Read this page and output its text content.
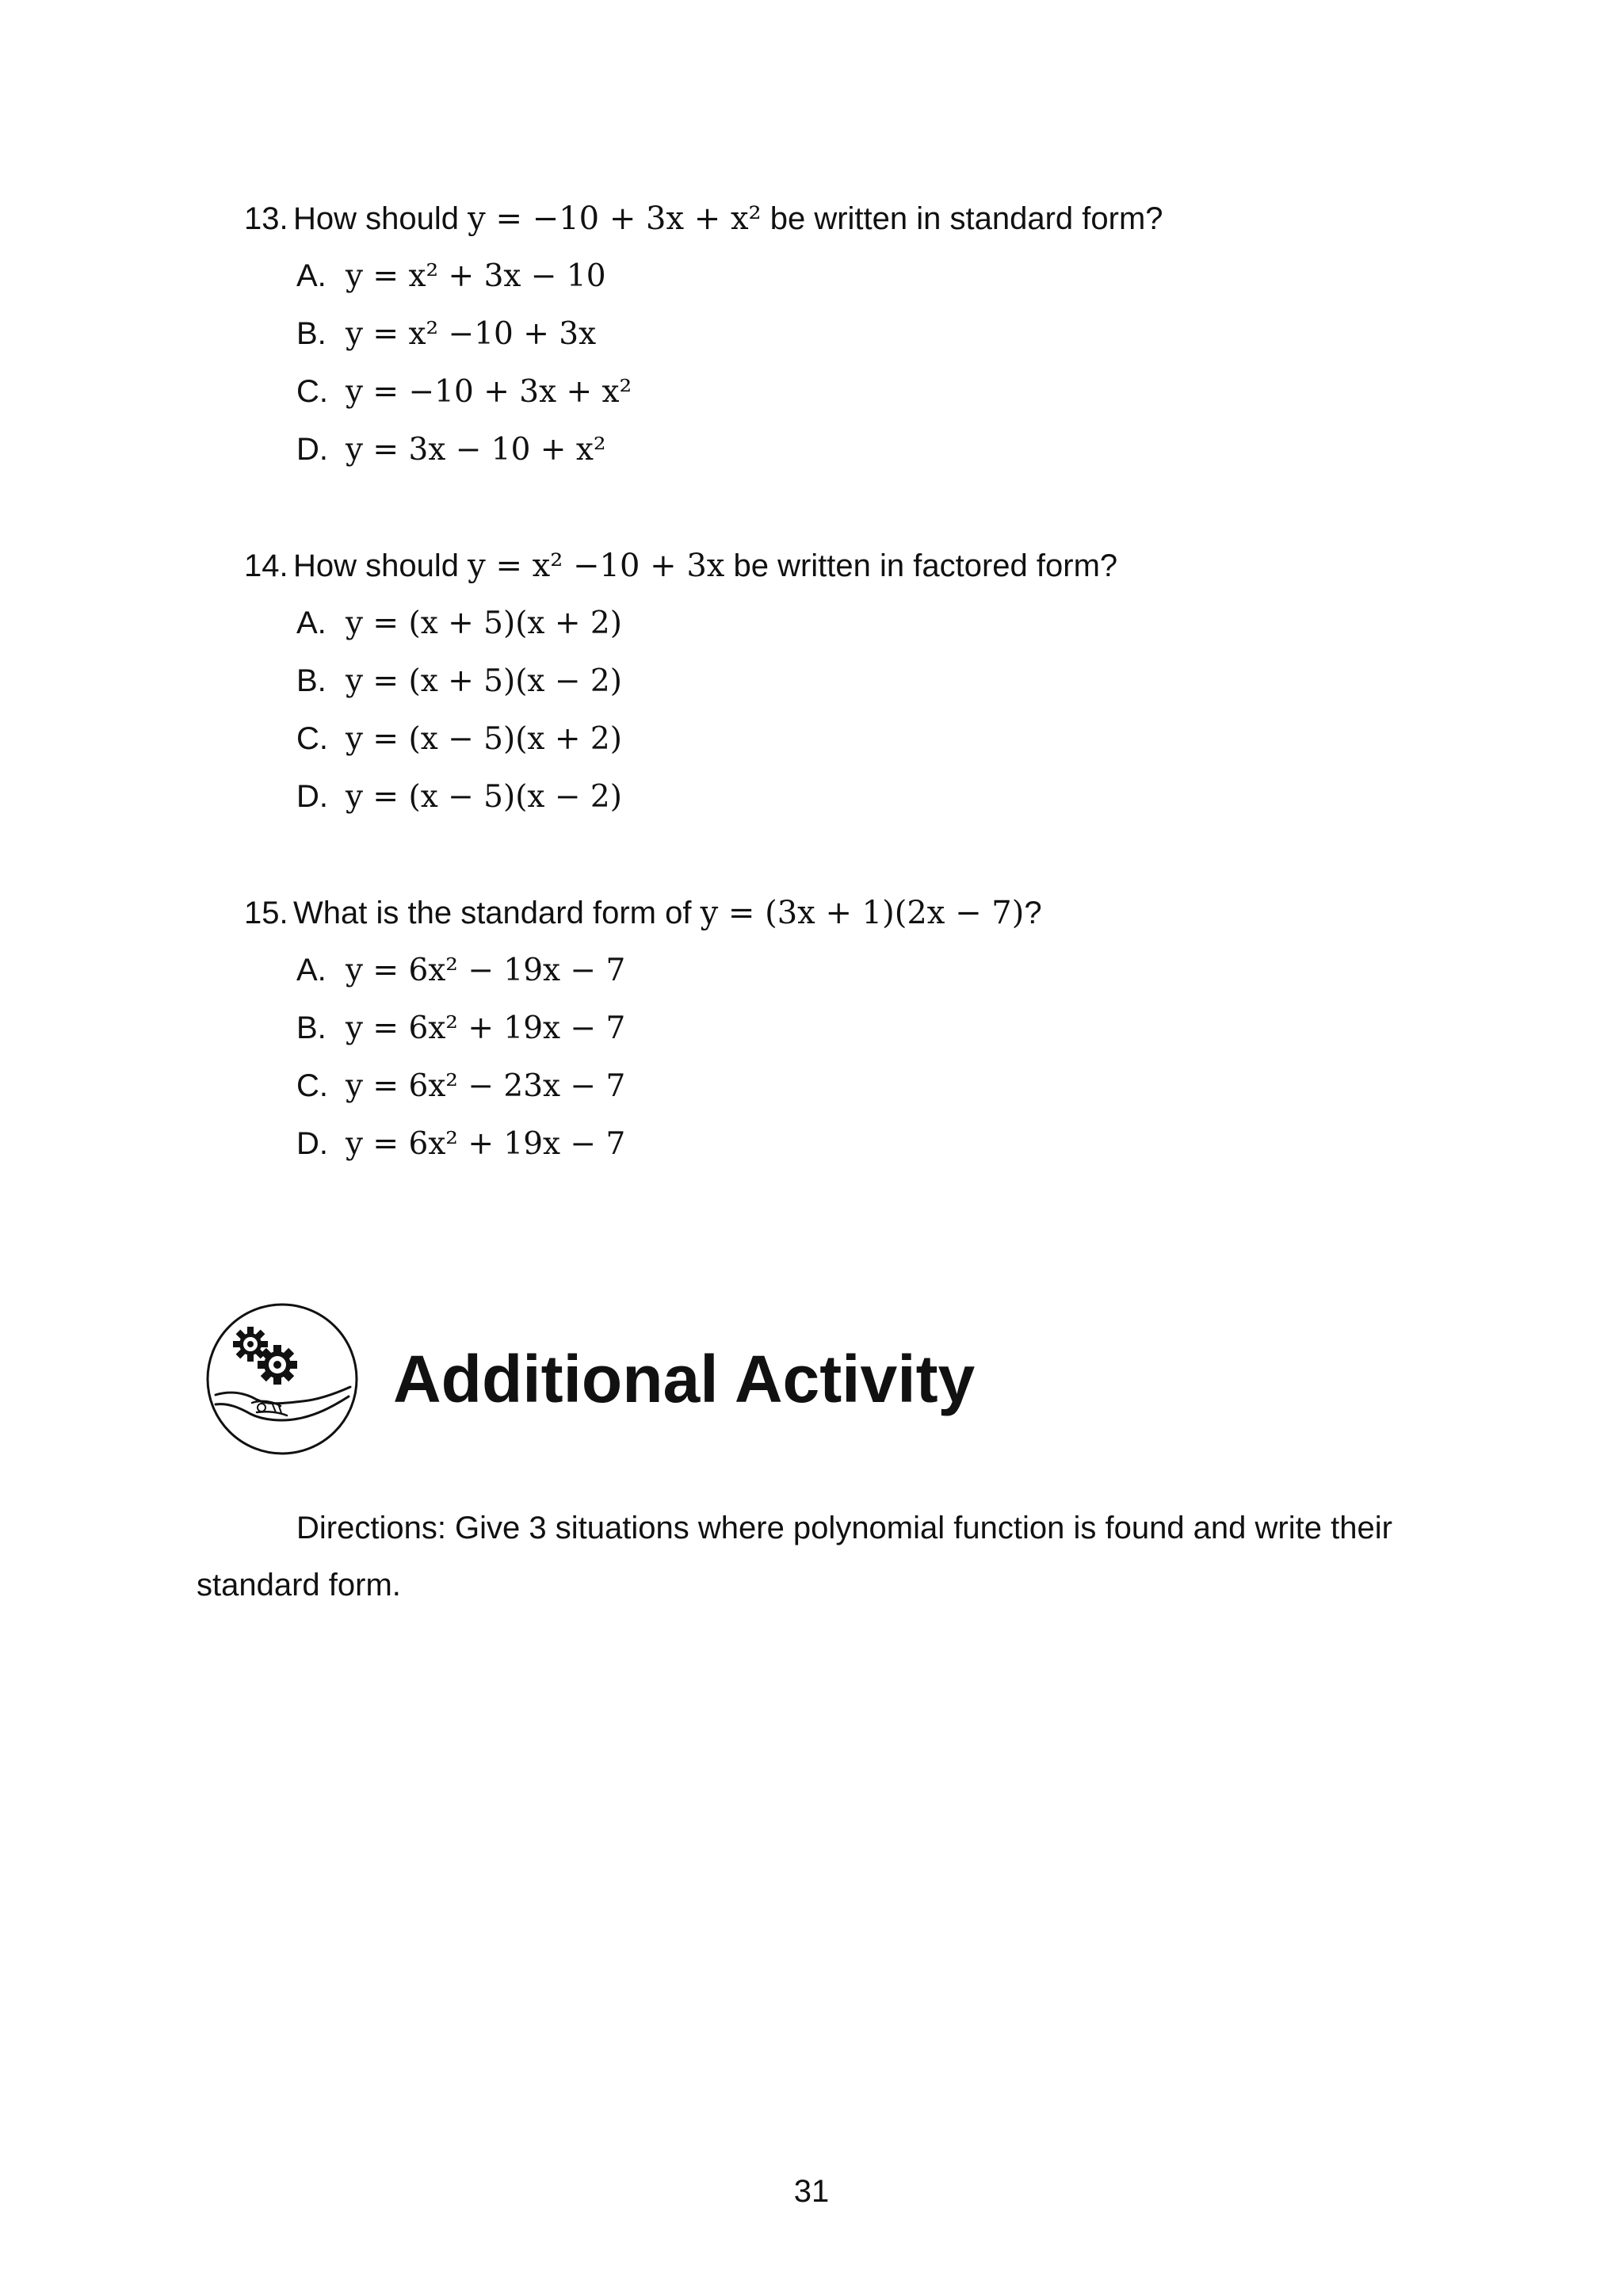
13. How should y = −10 + 3x + x² be written in standard form?
A. y = x² + 3x − 10
B. y = x² −10 + 3x
C. y = −10 + 3x + x²
D. y = 3x − 10 + x²
14. How should y = x² −10 + 3x be written in factored form?
A. y = (x + 5)(x + 2)
B. y = (x + 5)(x − 2)
C. y = (x − 5)(x + 2)
D. y = (x − 5)(x − 2)
15. What is the standard form of y = (3x + 1)(2x − 7)?
A. y = 6x² − 19x − 7
B. y = 6x² + 19x − 7
C. y = 6x² − 23x − 7
D. y = 6x² + 19x − 7
Additional Activity
Directions: Give 3 situations where polynomial function is found and write their standard form.
31
